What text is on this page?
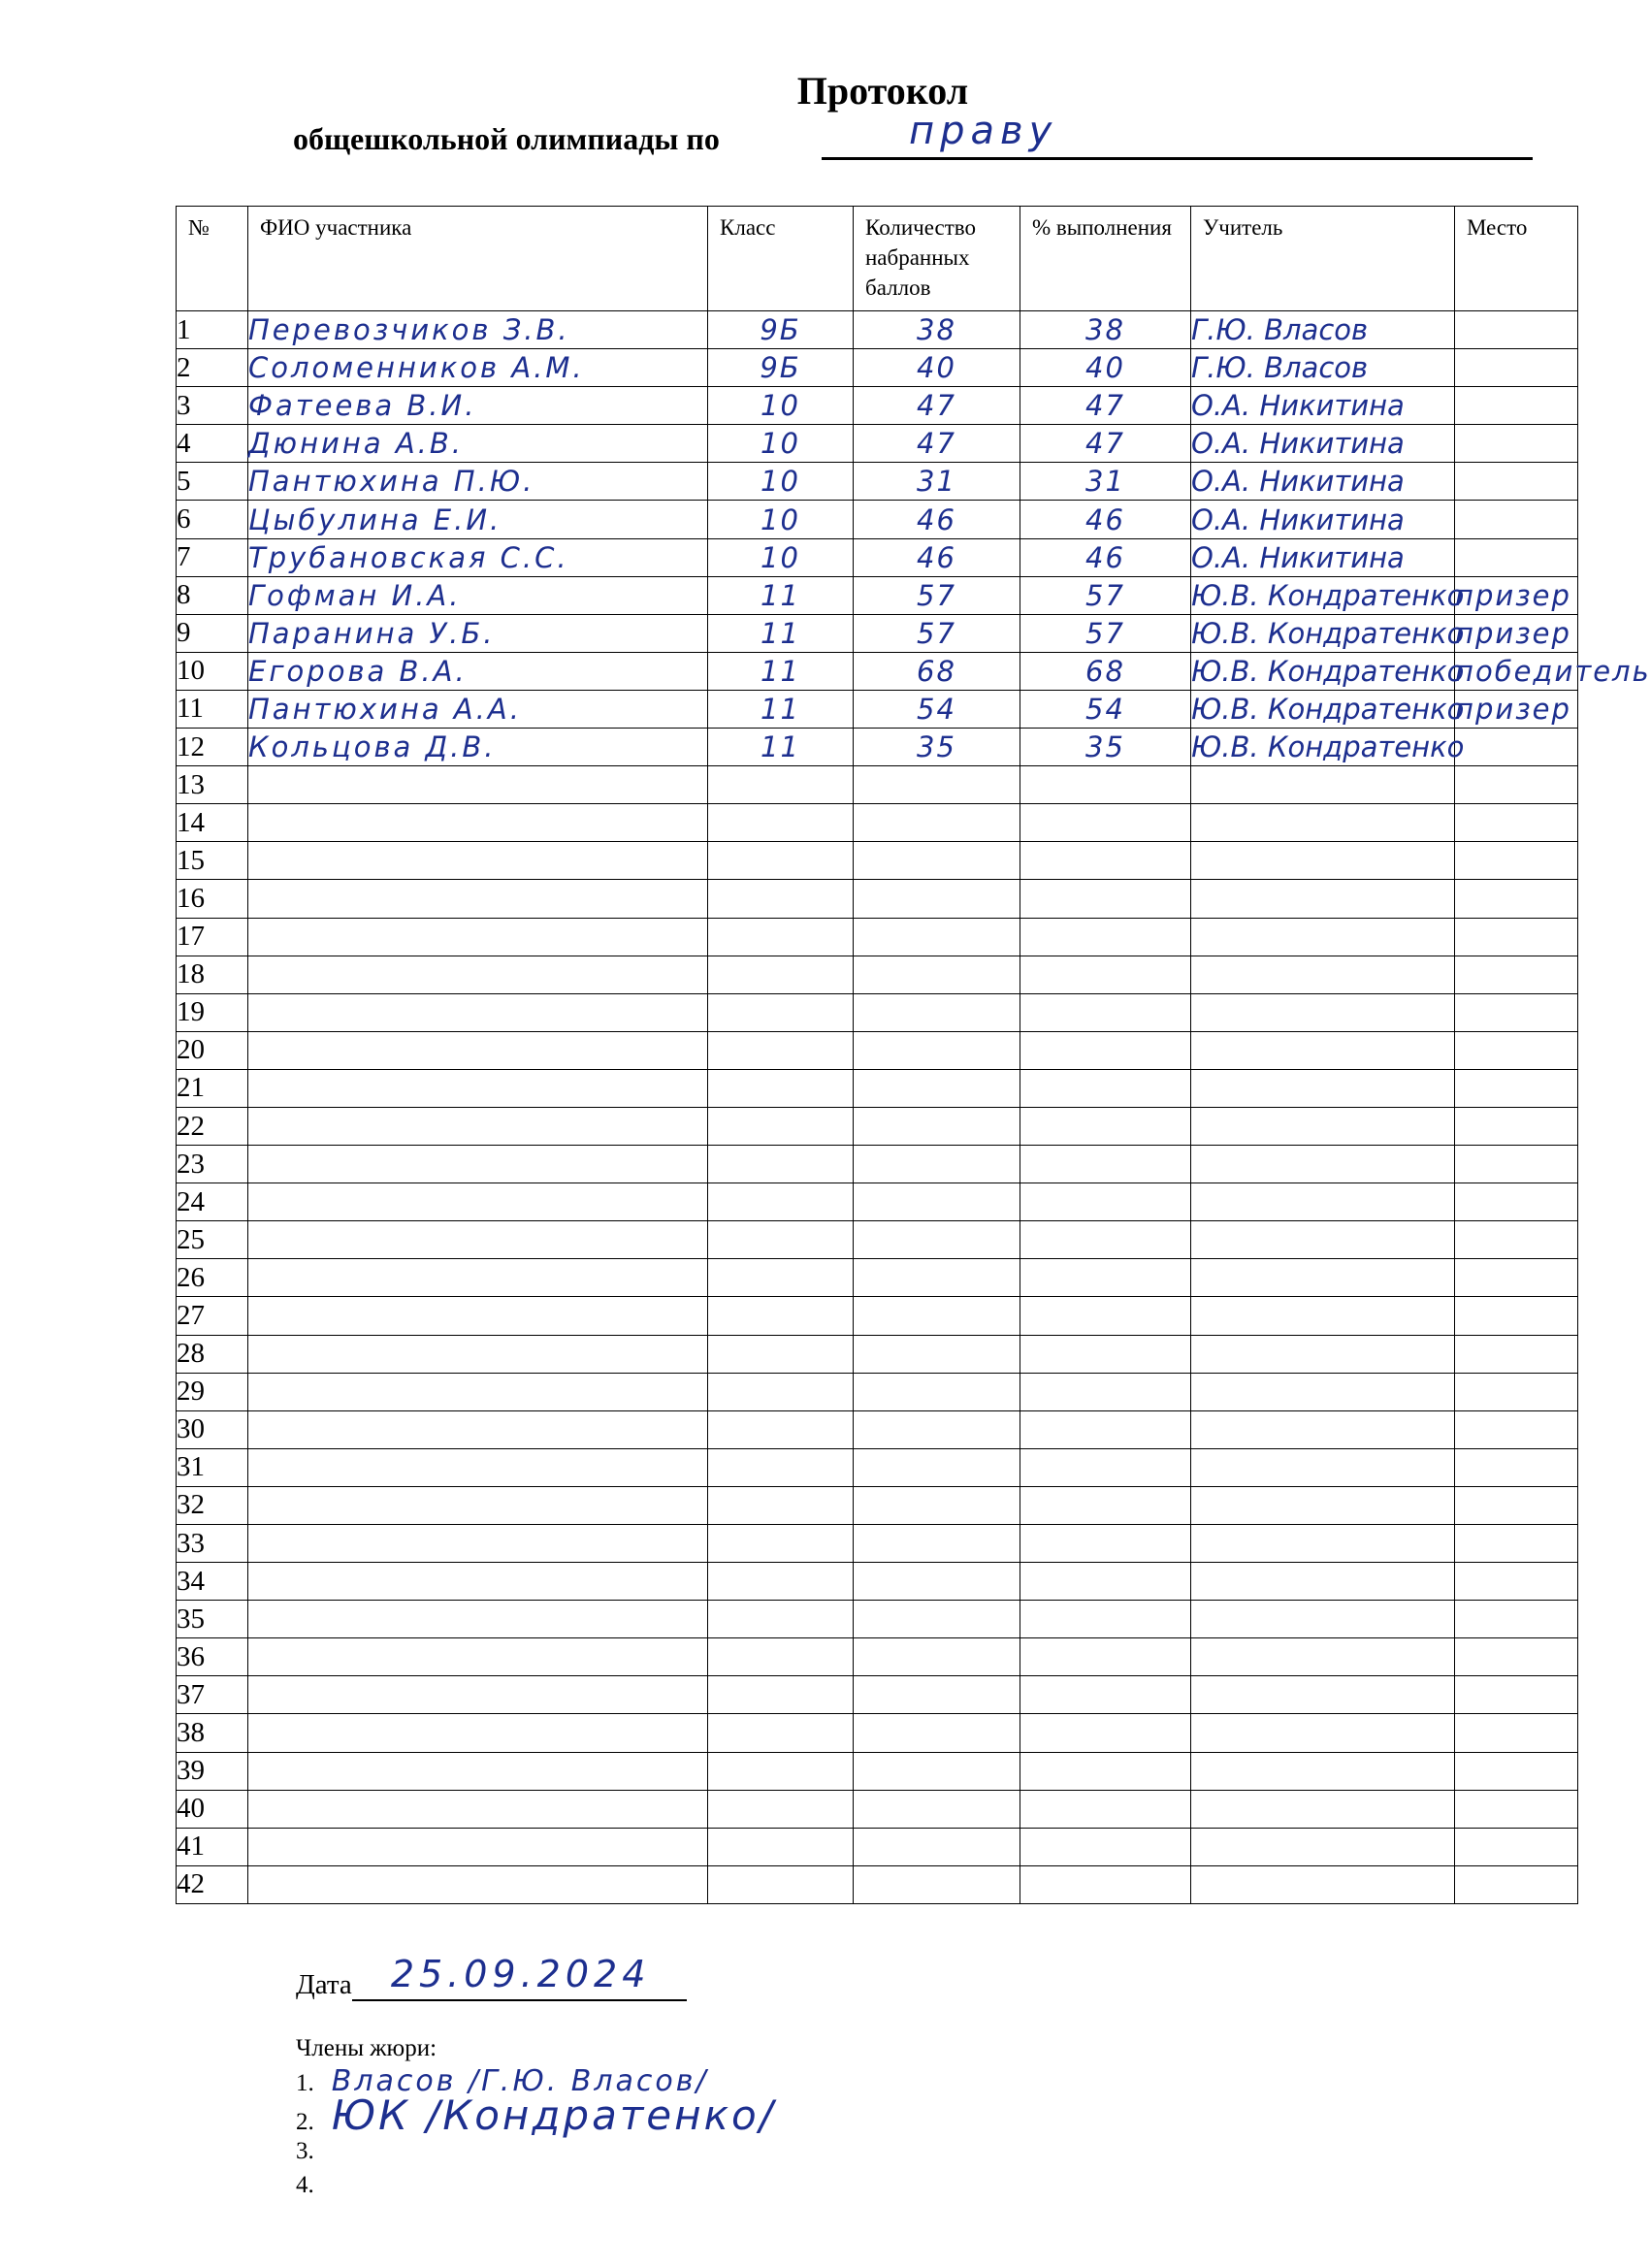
Протокол
общешкольной олимпиады по	праву
№	ФИО участника	Класс	Количество набранных баллов	% выполнения	Учитель	Место
1	Перевозчиков З.В.	9Б	38	38	Г.Ю. Власов	
2	Соломенников А.М.	9Б	40	40	Г.Ю. Власов	
3	Фатеева В.И.	10	47	47	О.А. Никитина	
4	Дюнина А.В.	10	47	47	О.А. Никитина	
5	Пантюхина П.Ю.	10	31	31	О.А. Никитина	
6	Цыбулина Е.И.	10	46	46	О.А. Никитина	
7	Трубановская С.С.	10	46	46	О.А. Никитина	
8	Гофман И.А.	11	57	57	Ю.В. Кондратенко	призер
9	Паранина У.Б.	11	57	57	Ю.В. Кондратенко	призер
10	Егорова В.А.	11	68	68	Ю.В. Кондратенко	победитель
11	Пантюхина А.А.	11	54	54	Ю.В. Кондратенко	призер
12	Кольцова Д.В.	11	35	35	Ю.В. Кондратенко	
13						
14						
15						
16						
17						
18						
19						
20						
21						
22						
23						
24						
25						
26						
27						
28						
29						
30						
31						
32						
33						
34						
35						
36						
37						
38						
39						
40						
41						
42						
Дата 25.09.2024
Члены жюри:
1. Власов /Г.Ю. Власов/
2. ЮК /Кондратенко/
3.
4.
